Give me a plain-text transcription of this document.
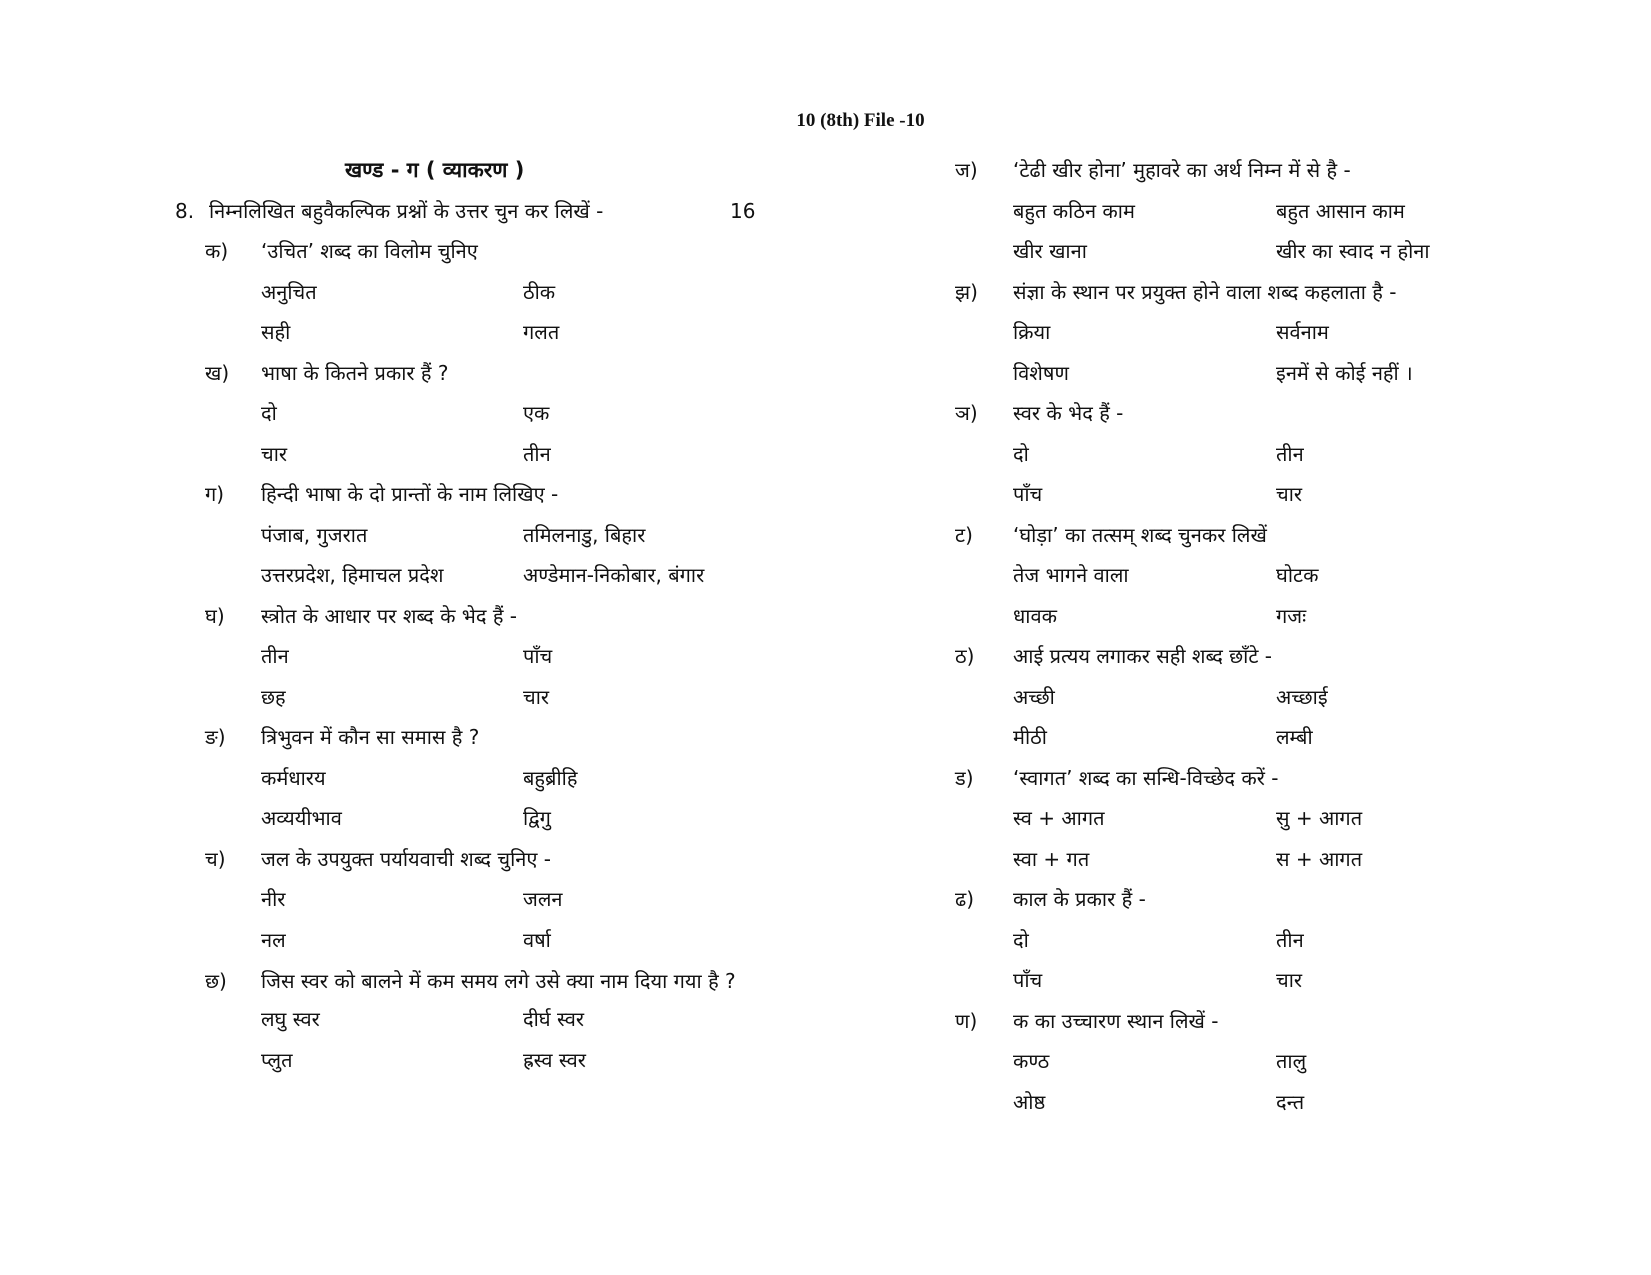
10 (8th) File -10
खण्ड - ग ( व्याकरण )
8. निम्नलिखित बहुवैकल्पिक प्रश्नों के उत्तर चुन कर लिखें -	16
क) ‘उचित’ शब्द का विलोम चुनिए
अनुचित	ठीक
सही	गलत
ख) भाषा के कितने प्रकार हैं ?
दो	एक
चार	तीन
ग) हिन्दी भाषा के दो प्रान्तों के नाम लिखिए -
पंजाब, गुजरात	तमिलनाडु, बिहार
उत्तरप्रदेश, हिमाचल प्रदेश	अण्डेमान-निकोबार, बंगार
घ) स्त्रोत के आधार पर शब्द के भेद हैं -
तीन	पाँच
छह	चार
ङ) त्रिभुवन में कौन सा समास है ?
कर्मधारय	बहुब्रीहि
अव्ययीभाव	द्विगु
च) जल के उपयुक्त पर्यायवाची शब्द चुनिए -
नीर	जलन
नल	वर्षा
छ)	जिस स्वर को बालने में कम समय लगे उसे क्या नाम दिया गया है ?
लघु स्वर	दीर्घ स्वर
प्लुत	ह्रस्व स्वर
ज) ‘टेढी खीर होना’ मुहावरे का अर्थ निम्न में से है -
बहुत कठिन काम	बहुत आसान काम
खीर खाना	खीर का स्वाद न होना
झ) संज्ञा के स्थान पर प्रयुक्त होने वाला शब्द कहलाता है -
क्रिया	सर्वनाम
विशेषण	इनमें से कोई नहीं ।
ञ) स्वर के भेद हैं -
दो	तीन
पाँच	चार
ट) ‘घोड़ा’ का तत्सम् शब्द चुनकर लिखें
तेज भागने वाला	घोटक
धावक	गजः
ठ) आई प्रत्यय लगाकर सही शब्द छाँटे -
अच्छी	अच्छाई
मीठी	लम्बी
ड) ‘स्वागत’ शब्द का सन्धि-विच्छेद करें -
स्व + आगत	सु + आगत
स्वा + गत	स + आगत
ढ) काल के प्रकार हैं -
दो	तीन
पाँच	चार
ण) क का उच्चारण स्थान लिखें -
कण्ठ	तालु
ओष्ठ	दन्त
